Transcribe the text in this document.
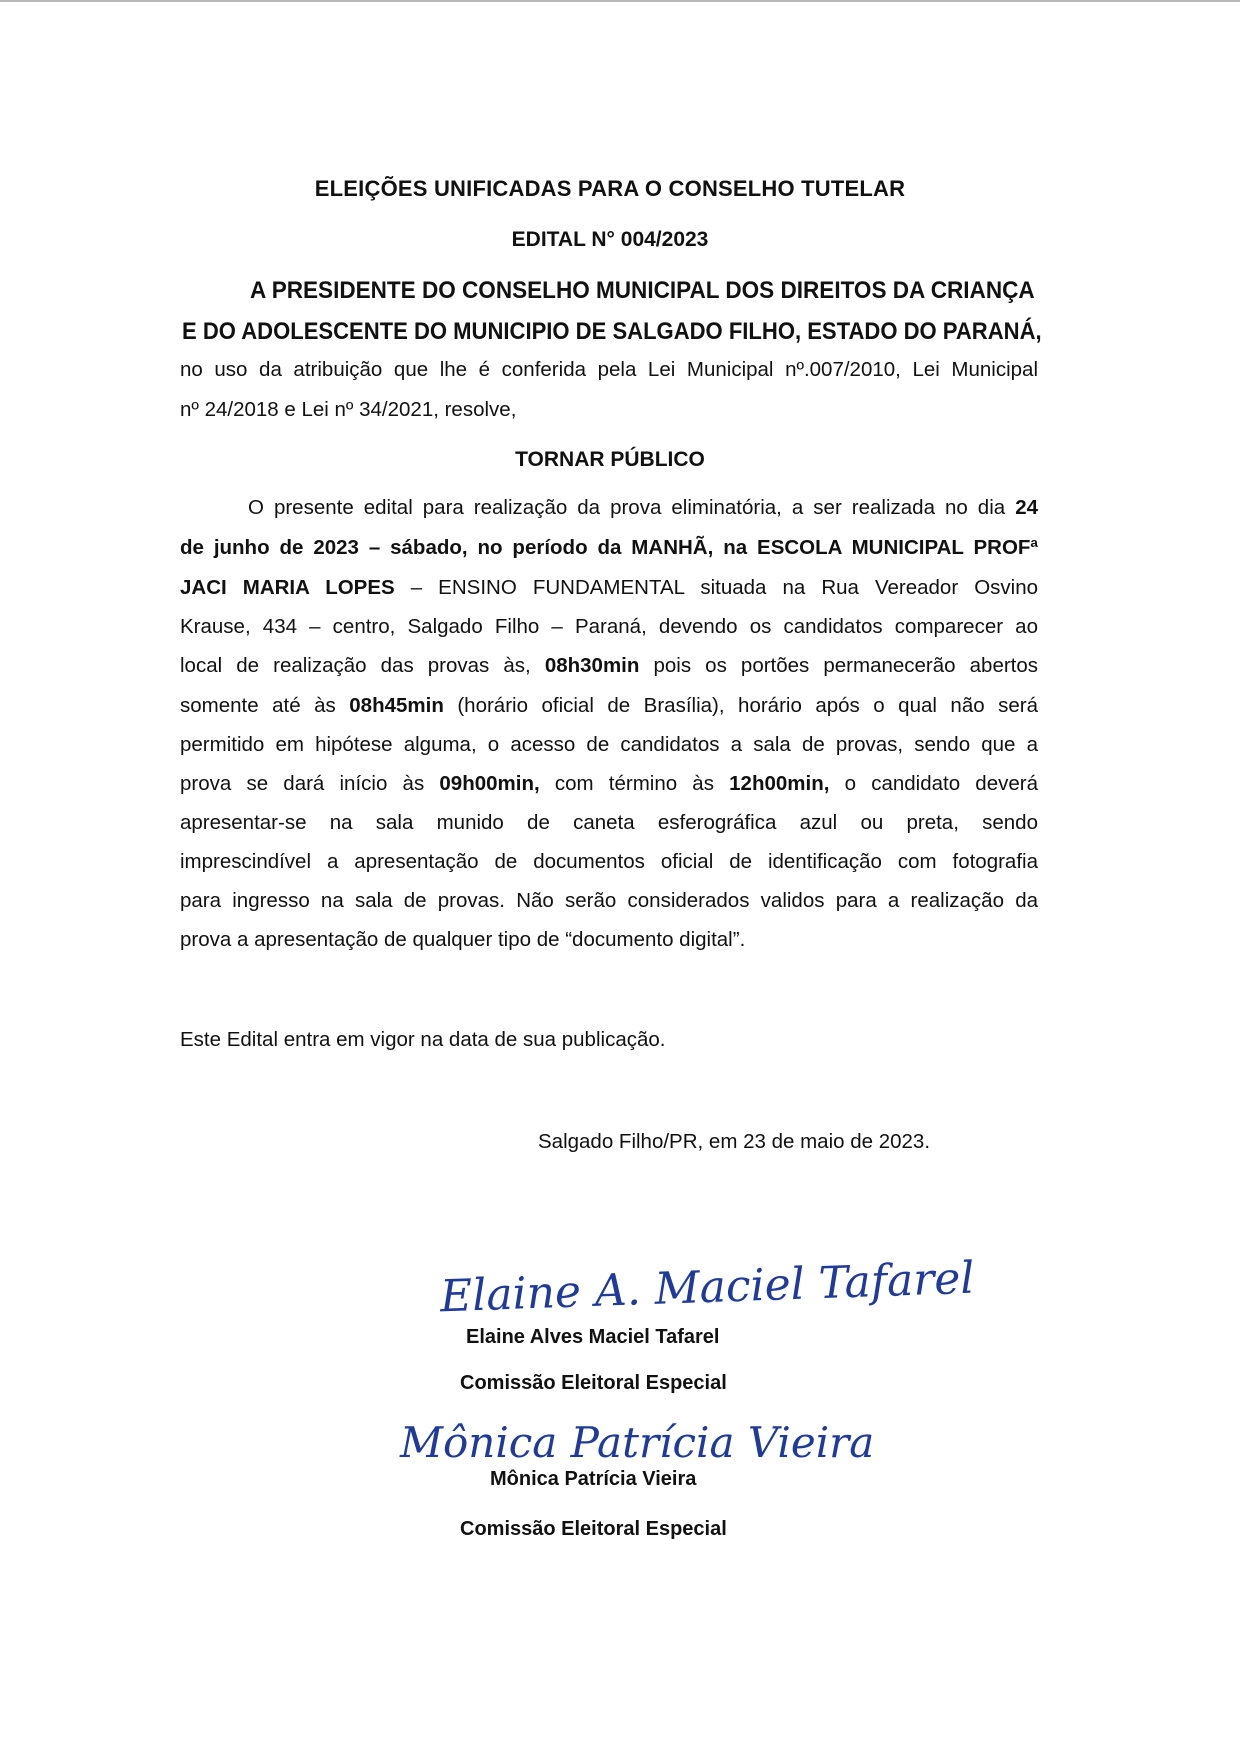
ELEIÇÕES UNIFICADAS PARA O CONSELHO TUTELAR
EDITAL N° 004/2023
A PRESIDENTE DO CONSELHO MUNICIPAL DOS DIREITOS DA CRIANÇA
E DO ADOLESCENTE DO MUNICIPIO DE SALGADO FILHO, ESTADO DO PARANÁ,
no uso da atribuição que lhe é conferida pela Lei Municipal nº.007/2010, Lei Municipal
nº 24/2018 e Lei nº 34/2021, resolve,
TORNAR PÚBLICO
O presente edital para realização da prova eliminatória, a ser realizada no dia 24
de junho de 2023 – sábado, no período da MANHÃ, na ESCOLA MUNICIPAL PROFª
JACI MARIA LOPES – ENSINO FUNDAMENTAL situada na Rua Vereador Osvino
Krause, 434 – centro, Salgado Filho – Paraná, devendo os candidatos comparecer ao
local de realização das provas às, 08h30min pois os portões permanecerão abertos
somente até às 08h45min (horário oficial de Brasília), horário após o qual não será
permitido em hipótese alguma, o acesso de candidatos a sala de provas, sendo que a
prova se dará início às 09h00min, com término às 12h00min, o candidato deverá
apresentar-se na sala munido de caneta esferográfica azul ou preta, sendo
imprescindível a apresentação de documentos oficial de identificação com fotografia
para ingresso na sala de provas. Não serão considerados validos para a realização da
prova a apresentação de qualquer tipo de “documento digital”.
Este Edital entra em vigor na data de sua publicação.
Salgado Filho/PR, em 23 de maio de 2023.
Elaine A. Maciel Tafarel
Elaine Alves Maciel Tafarel
Comissão Eleitoral Especial
Mônica Patrícia Vieira
Mônica Patrícia Vieira
Comissão Eleitoral Especial
